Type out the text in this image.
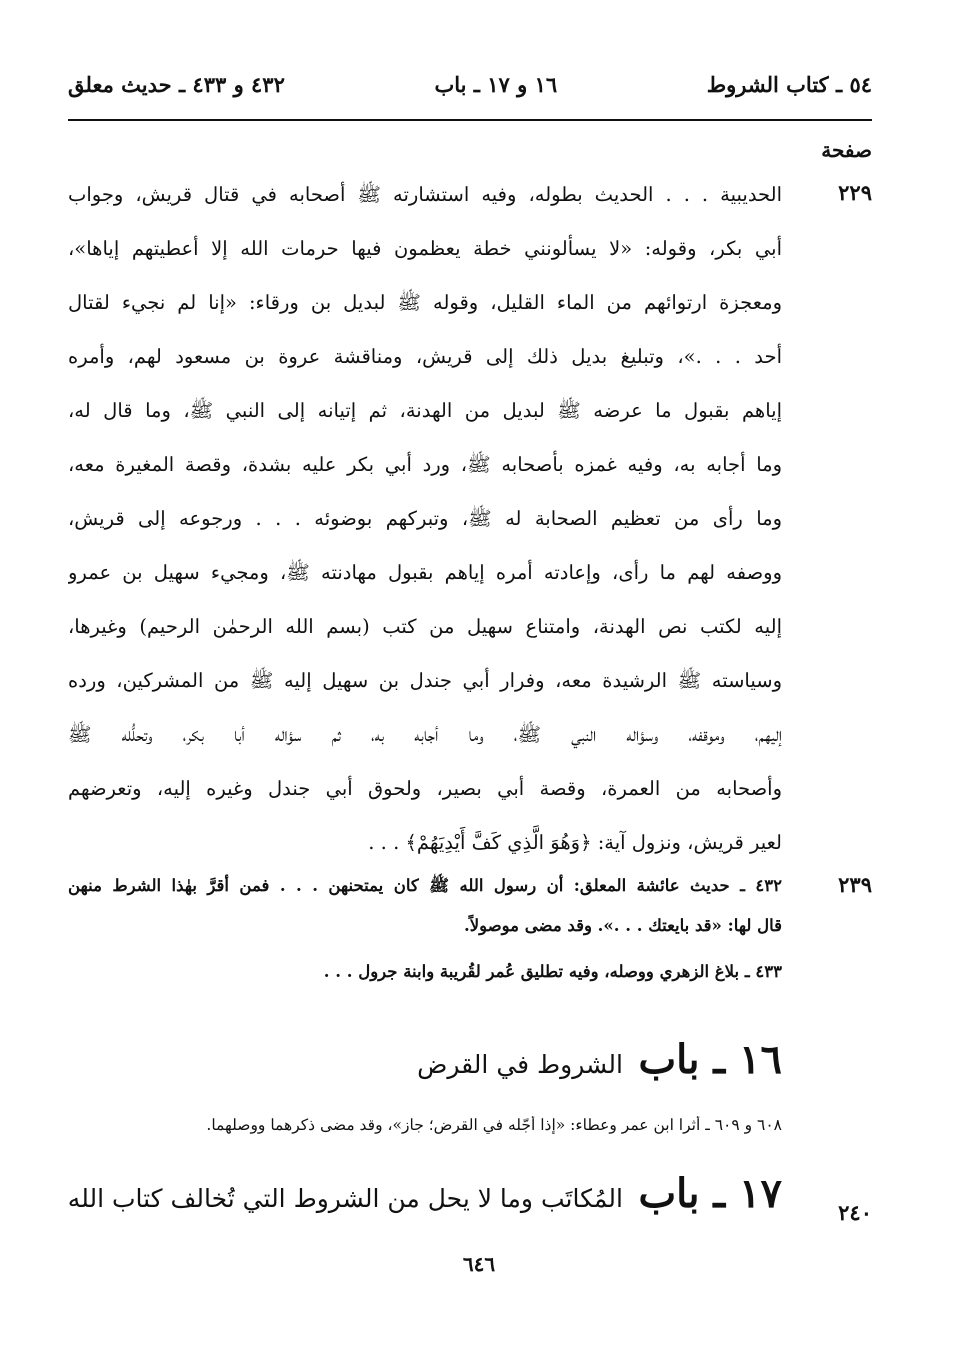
٥٤ ـ كتاب الشروط
١٦ و ١٧ ـ باب
٤٣٢ و ٤٣٣ ـ حديث معلق
صفحة
٢٢٩
الحديبية . . . الحديث بطوله، وفيه استشارته ﷺ أصحابه في قتال قريش، وجواب
أبي بكر، وقوله: «لا يسألونني خطة يعظمون فيها حرمات الله إلا أعطيتهم إياها»،
ومعجزة ارتوائهم من الماء القليل، وقوله ﷺ لبديل بن ورقاء: «إنا لم نجيء لقتال
أحد . . .»، وتبليغ بديل ذلك إلى قريش، ومناقشة عروة بن مسعود لهم، وأمره
إياهم بقبول ما عرضه ﷺ لبديل من الهدنة، ثم إتيانه إلى النبي ﷺ، وما قال له،
وما أجابه به، وفيه غمزه بأصحابه ﷺ، ورد أبي بكر عليه بشدة، وقصة المغيرة معه،
وما رأى من تعظيم الصحابة له ﷺ، وتبركهم بوضوئه . . . ورجوعه إلى قريش،
ووصفه لهم ما رأى، وإعادته أمره إياهم بقبول مهادنته ﷺ، ومجيء سهيل بن عمرو
إليه لكتب نص الهدنة، وامتناع سهيل من كتب (بسم الله الرحمٰن الرحيم) وغيرها،
وسياسته ﷺ الرشيدة معه، وفرار أبي جندل بن سهيل إليه ﷺ من المشركين، ورده
إليهم، وموقفه، وسؤاله النبي ﷺ، وما أجابه به، ثم سؤاله أبا بكر، وتحلُّله ﷺ
وأصحابه من العمرة، وقصة أبي بصير، ولحوق أبي جندل وغيره إليه، وتعرضهم
لعير قريش، ونزول آية: ﴿وَهُوَ الَّذِي كَفَّ أَيْدِيَهُمْ﴾ . . .
٢٣٩
٤٣٢ ـ حديث عائشة المعلق: أن رسول الله ﷺ كان يمتحنهن . . . فمن أقرَّ بهٰذا الشرط منهن
قال لها: «قد بايعتك . . .». وقد مضى موصولاً.
٤٣٣ ـ بلاغ الزهري ووصله، وفيه تطليق عُمر لقُريبة وابنة جرول . . .
١٦ ـ باب الشروط في القرض
٦٠٨ و ٦٠٩ ـ أثرا ابن عمر وعطاء: «إذا أجّله في القرض؛ جاز»، وقد مضى ذكرهما ووصلهما.
٢٤٠
١٧ ـ باب المُكاتَب وما لا يحل من الشروط التي تُخالف كتاب الله
٦٤٦
